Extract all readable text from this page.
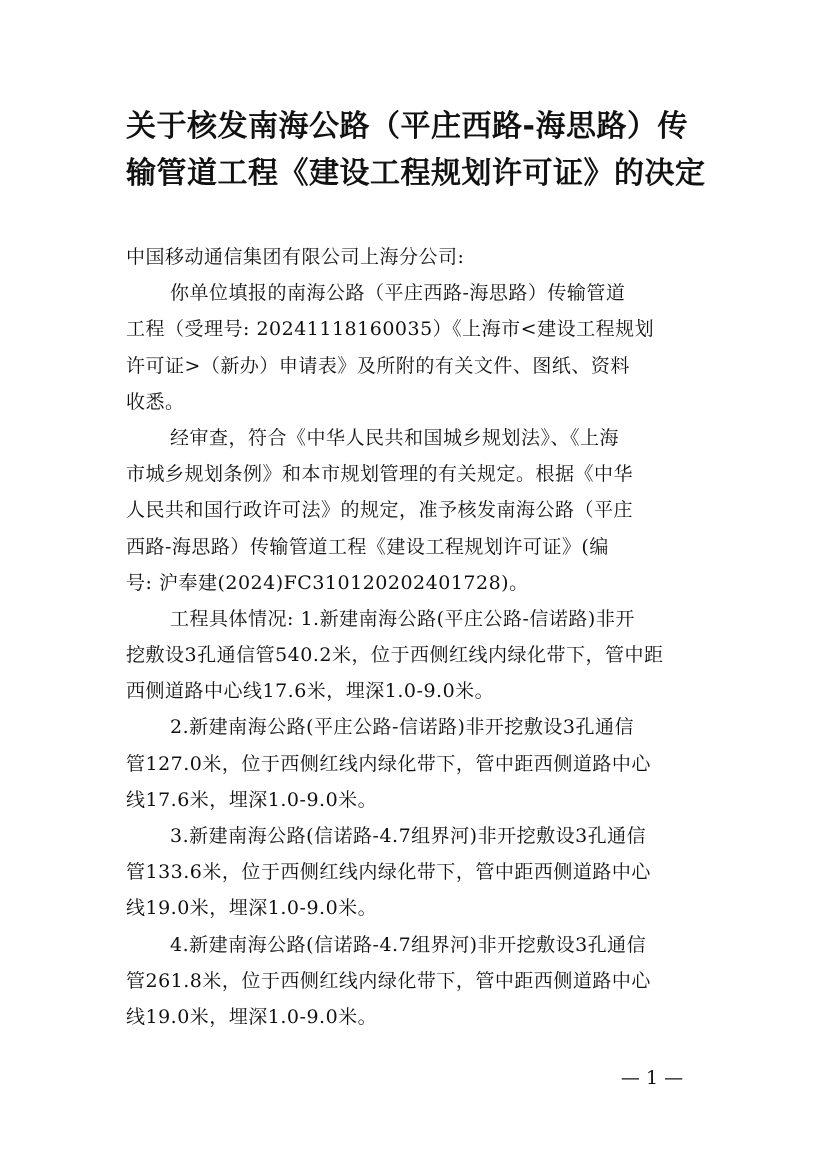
关于核发南海公路（平庄西路-海思路）传
输管道工程《建设工程规划许可证》的决定
中国移动通信集团有限公司上海分公司:
你单位填报的南海公路（平庄西路-海思路）传输管道
工程（受理号: 20241118160035）《上海市<建设工程规划
许可证>（新办）申请表》及所附的有关文件、图纸、资料
收悉。
经审查，符合《中华人民共和国城乡规划法》、《上海
市城乡规划条例》和本市规划管理的有关规定。根据《中华
人民共和国行政许可法》的规定，准予核发南海公路（平庄
西路-海思路）传输管道工程《建设工程规划许可证》(编
号: 沪奉建(2024)FC310120202401728)。
工程具体情况: 1.新建南海公路(平庄公路-信诺路)非开
挖敷设3孔通信管540.2米，位于西侧红线内绿化带下，管中距
西侧道路中心线17.6米，埋深1.0-9.0米。
2.新建南海公路(平庄公路-信诺路)非开挖敷设3孔通信
管127.0米，位于西侧红线内绿化带下，管中距西侧道路中心
线17.6米，埋深1.0-9.0米。
3.新建南海公路(信诺路-4.7组界河)非开挖敷设3孔通信
管133.6米，位于西侧红线内绿化带下，管中距西侧道路中心
线19.0米，埋深1.0-9.0米。
4.新建南海公路(信诺路-4.7组界河)非开挖敷设3孔通信
管261.8米，位于西侧红线内绿化带下，管中距西侧道路中心
线19.0米，埋深1.0-9.0米。
— 1 —
